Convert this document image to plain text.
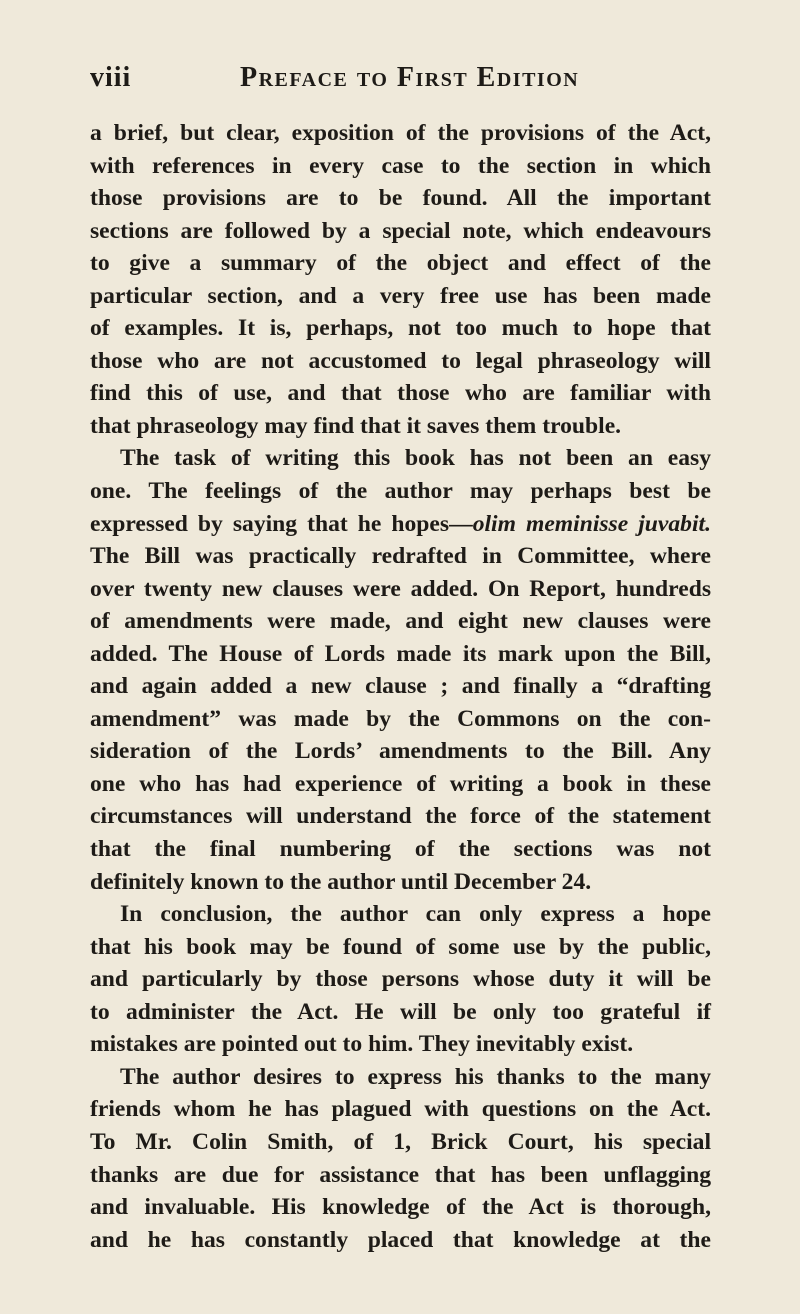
viii	Preface to First Edition
a brief, but clear, exposition of the provisions of the Act,
with references in every case to the section in which
those provisions are to be found. All the important
sections are followed by a special note, which endeavours
to give a summary of the object and effect of the
particular section, and a very free use has been made
of examples. It is, perhaps, not too much to hope that
those who are not accustomed to legal phraseology will
find this of use, and that those who are familiar with
that phraseology may find that it saves them trouble.
The task of writing this book has not been an easy
one. The feelings of the author may perhaps best be
expressed by saying that he hopes—olim meminisse juvabit.
The Bill was practically redrafted in Committee, where
over twenty new clauses were added. On Report, hundreds
of amendments were made, and eight new clauses were
added. The House of Lords made its mark upon the Bill,
and again added a new clause ; and finally a “drafting
amendment” was made by the Commons on the con-
sideration of the Lords’ amendments to the Bill. Any
one who has had experience of writing a book in these
circumstances will understand the force of the statement
that the final numbering of the sections was not
definitely known to the author until December 24.
In conclusion, the author can only express a hope
that his book may be found of some use by the public,
and particularly by those persons whose duty it will be
to administer the Act. He will be only too grateful if
mistakes are pointed out to him. They inevitably exist.
The author desires to express his thanks to the many
friends whom he has plagued with questions on the Act.
To Mr. Colin Smith, of 1, Brick Court, his special
thanks are due for assistance that has been unflagging
and invaluable. His knowledge of the Act is thorough,
and he has constantly placed that knowledge at the
